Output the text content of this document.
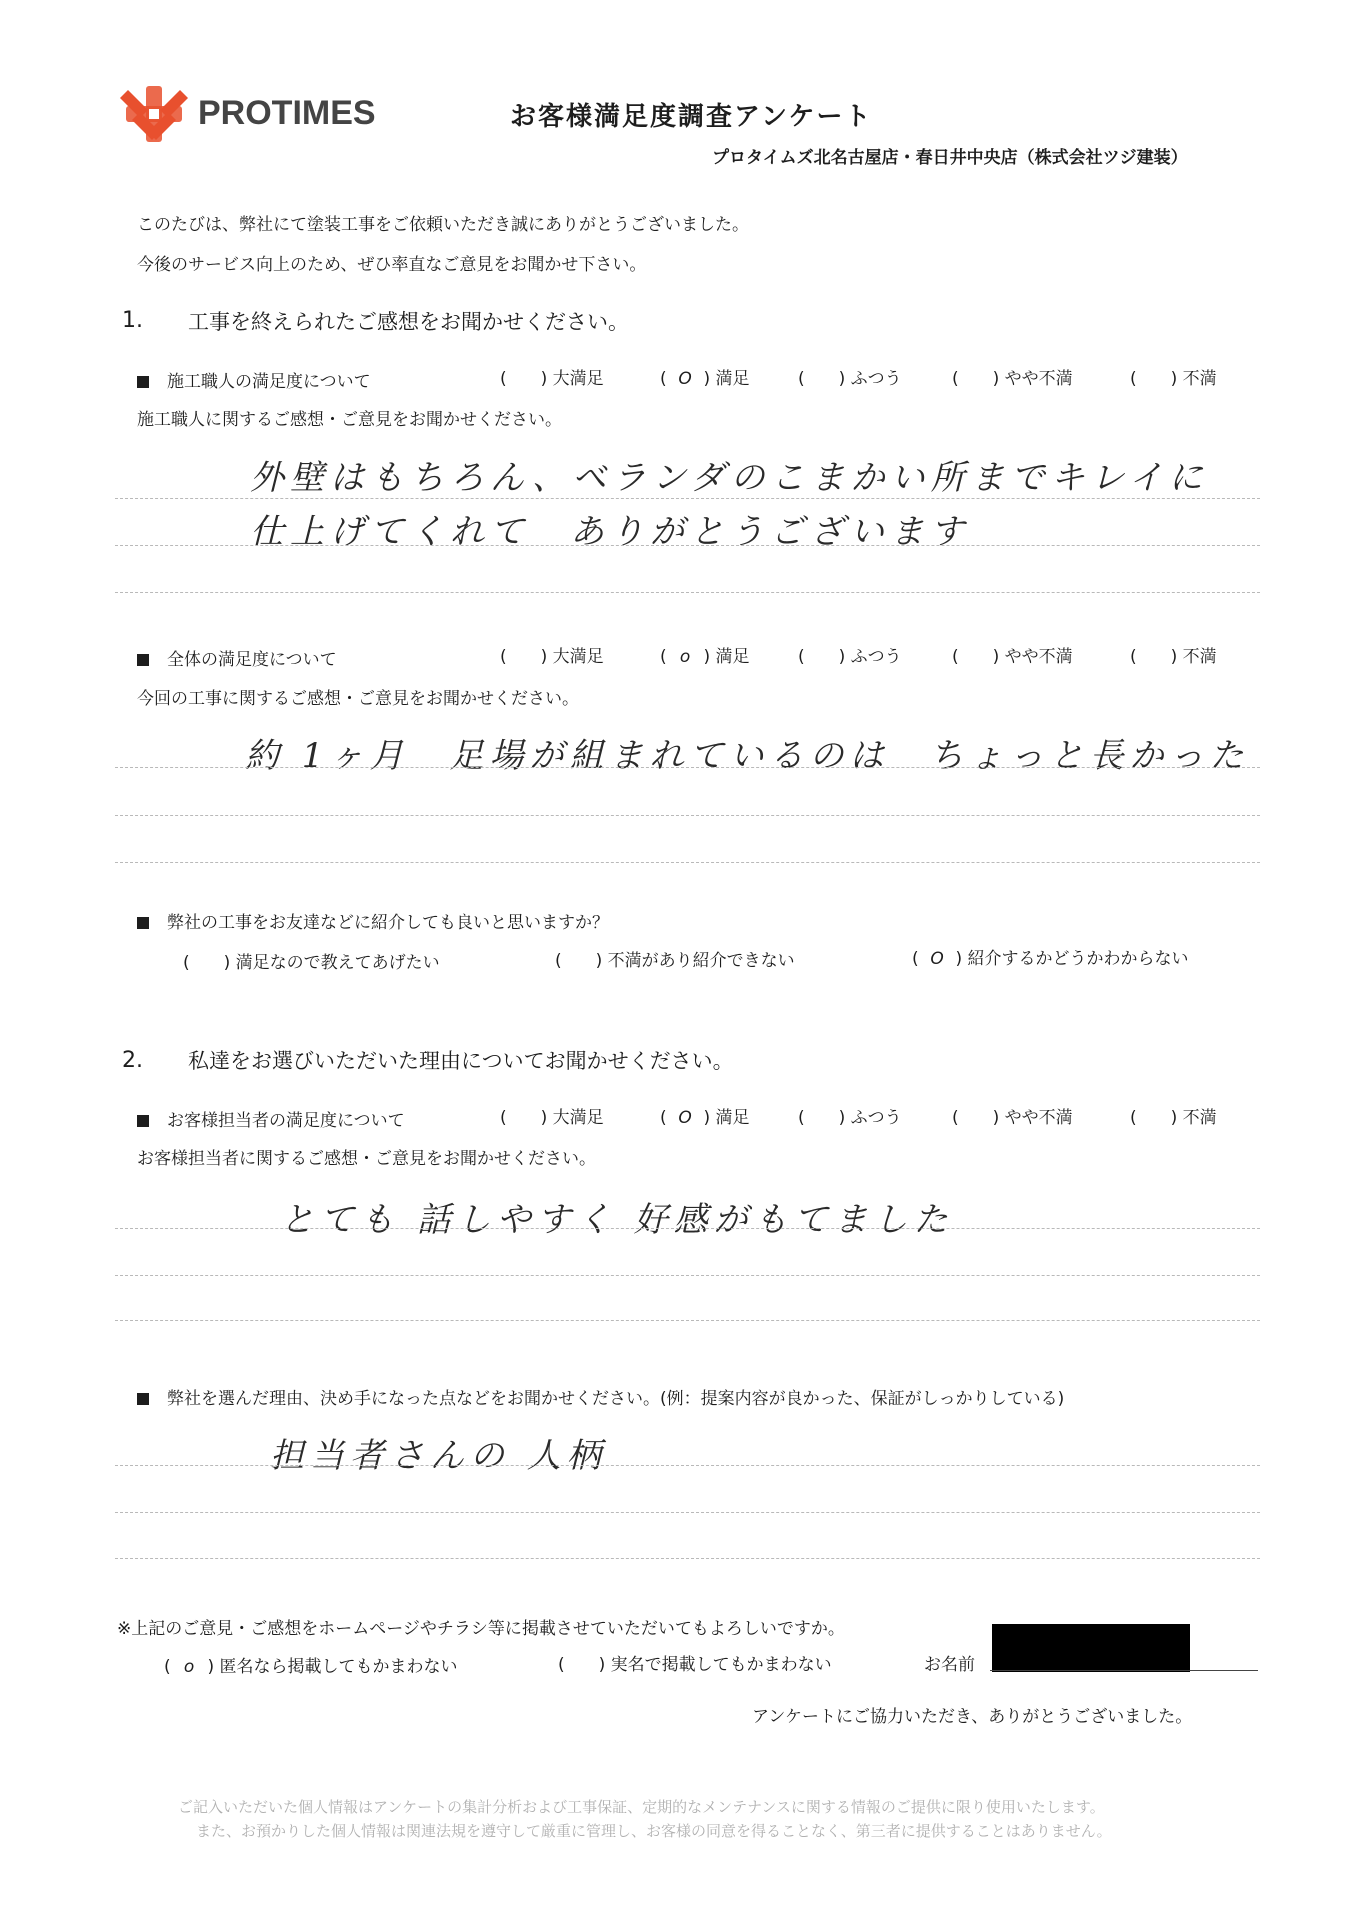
PROTIMES	お客様満足度調査アンケート
プロタイムズ北名古屋店・春日井中央店（株式会社ツジ建装）
このたびは、弊社にて塗装工事をご依頼いただき誠にありがとうございました。
今後のサービス向上のため、ぜひ率直なご意見をお聞かせ下さい。
1. 工事を終えられたご感想をお聞かせください。
施工職人の満足度について	(　　) 大満足	( O ) 満足	(　　) ふつう	(　　) やや不満	(　　) 不満
施工職人に関するご感想・ご意見をお聞かせください。
外壁はもちろん、ベランダのこまかい所までキレイに
仕上げてくれて　ありがとうございます
全体の満足度について	(　　) 大満足	( o ) 満足	(　　) ふつう	(　　) やや不満	(　　) 不満
今回の工事に関するご感想・ご意見をお聞かせください。
約 1ヶ月　足場が組まれているのは　ちょっと長かった
弊社の工事をお友達などに紹介しても良いと思いますか？
(　　) 満足なので教えてあげたい	(　　) 不満があり紹介できない	( O ) 紹介するかどうかわからない
2. 私達をお選びいただいた理由についてお聞かせください。
お客様担当者の満足度について	(　　) 大満足	( O ) 満足	(　　) ふつう	(　　) やや不満	(　　) 不満
お客様担当者に関するご感想・ご意見をお聞かせください。
とても 話しやすく 好感がもてました
弊社を選んだ理由、決め手になった点などをお聞かせください。(例：提案内容が良かった、保証がしっかりしている)
担当者さんの 人柄
※上記のご意見・ご感想をホームページやチラシ等に掲載させていただいてもよろしいですか。
( o ) 匿名なら掲載してもかまわない	(　　) 実名で掲載してもかまわない	お名前
アンケートにご協力いただき、ありがとうございました。
ご記入いただいた個人情報はアンケートの集計分析および工事保証、定期的なメンテナンスに関する情報のご提供に限り使用いたします。
また、お預かりした個人情報は関連法規を遵守して厳重に管理し、お客様の同意を得ることなく、第三者に提供することはありません。
